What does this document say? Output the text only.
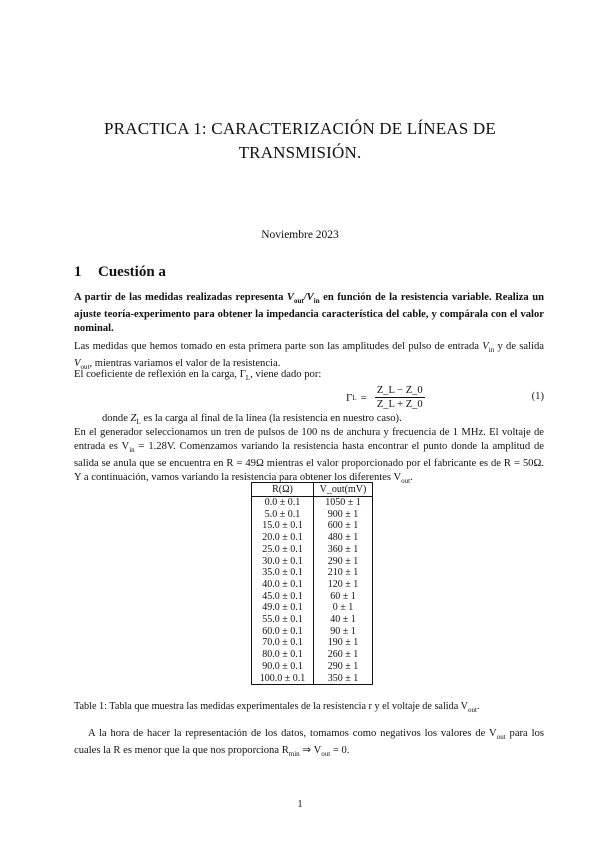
PRACTICA 1: CARACTERIZACIÓN DE LÍNEAS DE
TRANSMISIÓN.
Noviembre 2023
1 Cuestión a
A partir de las medidas realizadas representa $V_{out}/V_{in}$ en función de la resistencia variable. Realiza un ajuste teoría-experimento para obtener la impedancia característica del cable, y compárala con el valor nominal.
Las medidas que hemos tomado en esta primera parte son las amplitudes del pulso de entrada $V_{in}$ y de salida $V_{out}$, mientras variamos el valor de la resistencia.
El coeficiente de reflexión en la carga, $\Gamma_L$, viene dado por:
Γ $L = \frac{Z\_L - Z\_0}{Z\_L + Z\_0}$	(1)
donde $Z_L$ es la carga al final de la línea (la resistencia en nuestro caso).
En el generador seleccionamos un tren de pulsos de 100 ns de anchura y frecuencia de 1 MHz. El voltaje de entrada es $V_{in} = 1.28V$. Comenzamos variando la resistencia hasta encontrar el punto donde la amplitud de salida se anula que se encuentra en R = 49Ω mientras el valor proporcionado por el fabricante es de R = 50Ω. Y a continuación, vamos variando la resistencia para obtener los diferentes $V_{out}$.
R(Ω)	V_out(mV)
0.0 ± 0.1	1050 ± 1
5.0 ± 0.1	900 ± 1
15.0 ± 0.1	600 ± 1
20.0 ± 0.1	480 ± 1
25.0 ± 0.1	360 ± 1
30.0 ± 0.1	290 ± 1
35.0 ± 0.1	210 ± 1
40.0 ± 0.1	120 ± 1
45.0 ± 0.1	60 ± 1
49.0 ± 0.1	0 ± 1
55.0 ± 0.1	40 ± 1
60.0 ± 0.1	90 ± 1
70.0 ± 0.1	190 ± 1
80.0 ± 0.1	260 ± 1
90.0 ± 0.1	290 ± 1
100.0 ± 0.1	350 ± 1
Table 1: Tabla que muestra las medidas experimentales de la resistencia r y el voltaje de salida $V_{out}$.
A la hora de hacer la representación de los datos, tomamos como negativos los valores de $V_{out}$ para los cuales la R es menor que la que nos proporciona $R_{min}$ ⇒ $V_{out} = 0$.
1
